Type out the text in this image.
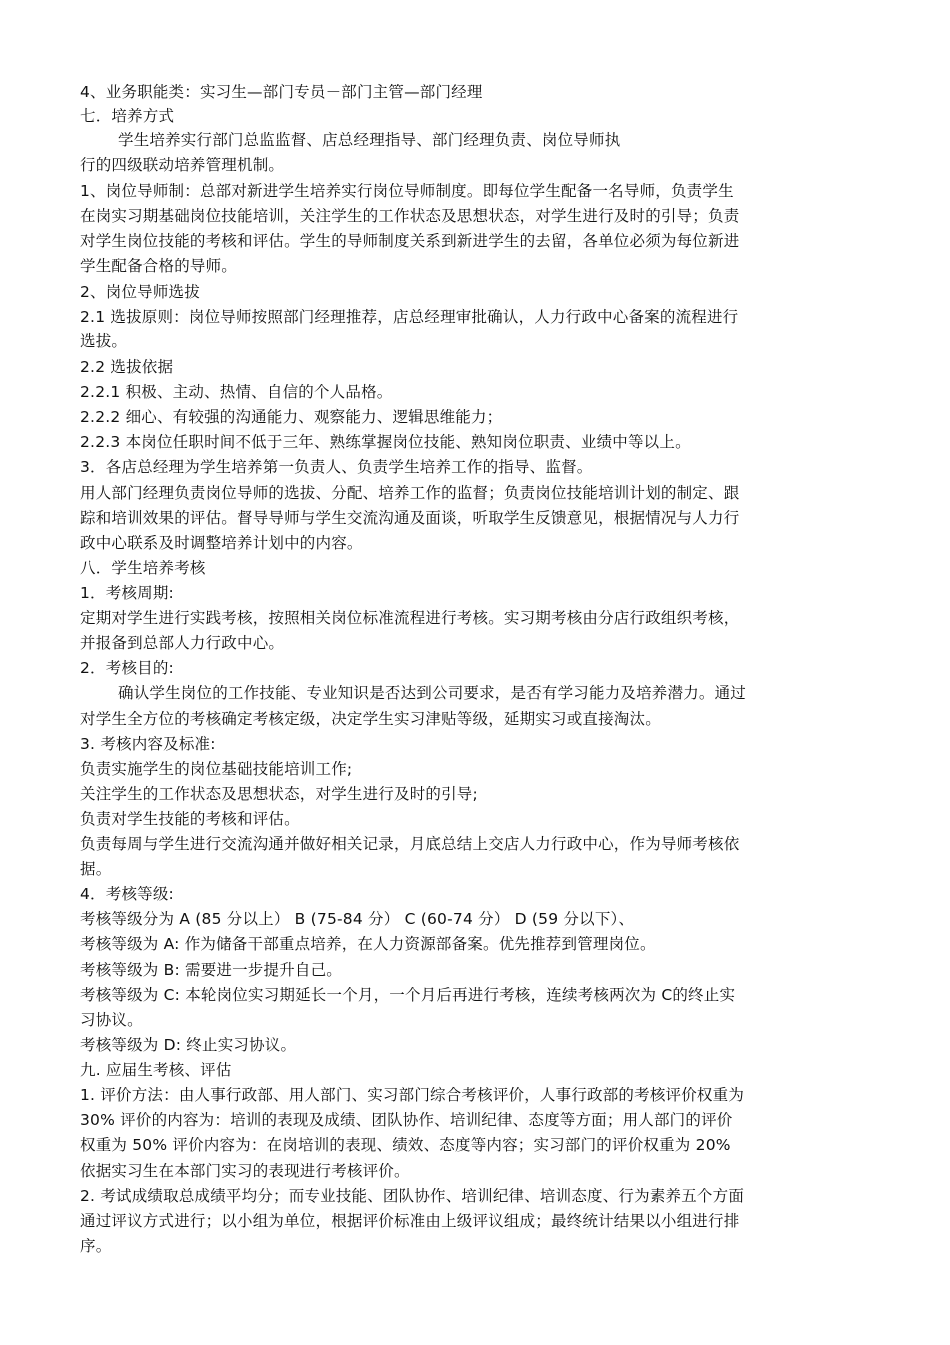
4、业务职能类：实习生—部门专员－部门主管—部门经理
七．培养方式
学生培养实行部门总监监督、店总经理指导、部门经理负责、岗位导师执
行的四级联动培养管理机制。
1、岗位导师制：总部对新进学生培养实行岗位导师制度。即每位学生配备一名导师，负责学生
在岗实习期基础岗位技能培训，关注学生的工作状态及思想状态，对学生进行及时的引导；负责
对学生岗位技能的考核和评估。学生的导师制度关系到新进学生的去留，各单位必须为每位新进
学生配备合格的导师。
2、岗位导师选拔
2.1 选拔原则：岗位导师按照部门经理推荐，店总经理审批确认，人力行政中心备案的流程进行
选拔。
2.2 选拔依据
2.2.1 积极、主动、热情、自信的个人品格。
2.2.2 细心、有较强的沟通能力、观察能力、逻辑思维能力；
2.2.3 本岗位任职时间不低于三年、熟练掌握岗位技能、熟知岗位职责、业绩中等以上。
3．各店总经理为学生培养第一负责人、负责学生培养工作的指导、监督。
用人部门经理负责岗位导师的选拔、分配、培养工作的监督；负责岗位技能培训计划的制定、跟
踪和培训效果的评估。督导导师与学生交流沟通及面谈，听取学生反馈意见，根据情况与人力行
政中心联系及时调整培养计划中的内容。
八．学生培养考核
1．考核周期:
定期对学生进行实践考核，按照相关岗位标准流程进行考核。实习期考核由分店行政组织考核，
并报备到总部人力行政中心。
2．考核目的:
确认学生岗位的工作技能、专业知识是否达到公司要求，是否有学习能力及培养潜力。通过
对学生全方位的考核确定考核定级，决定学生实习津贴等级，延期实习或直接淘汰。
3. 考核内容及标准:
负责实施学生的岗位基础技能培训工作;
关注学生的工作状态及思想状态，对学生进行及时的引导;
负责对学生技能的考核和评估。
负责每周与学生进行交流沟通并做好相关记录，月底总结上交店人力行政中心，作为导师考核依
据。
4．考核等级:
考核等级分为 A (85 分以上） B (75-84 分） C (60-74 分） D (59 分以下）、
考核等级为 A: 作为储备干部重点培养，在人力资源部备案。优先推荐到管理岗位。
考核等级为 B: 需要进一步提升自己。
考核等级为 C: 本轮岗位实习期延长一个月，一个月后再进行考核，连续考核两次为 C的终止实
习协议。
考核等级为 D: 终止实习协议。
九. 应届生考核、评估
1. 评价方法：由人事行政部、用人部门、实习部门综合考核评价，人事行政部的考核评价权重为
30% 评价的内容为：培训的表现及成绩、团队协作、培训纪律、态度等方面；用人部门的评价
权重为 50% 评价内容为：在岗培训的表现、绩效、态度等内容；实习部门的评价权重为 20%
依据实习生在本部门实习的表现进行考核评价。
2. 考试成绩取总成绩平均分；而专业技能、团队协作、培训纪律、培训态度、行为素养五个方面
通过评议方式进行；以小组为单位，根据评价标准由上级评议组成；最终统计结果以小组进行排
序。
